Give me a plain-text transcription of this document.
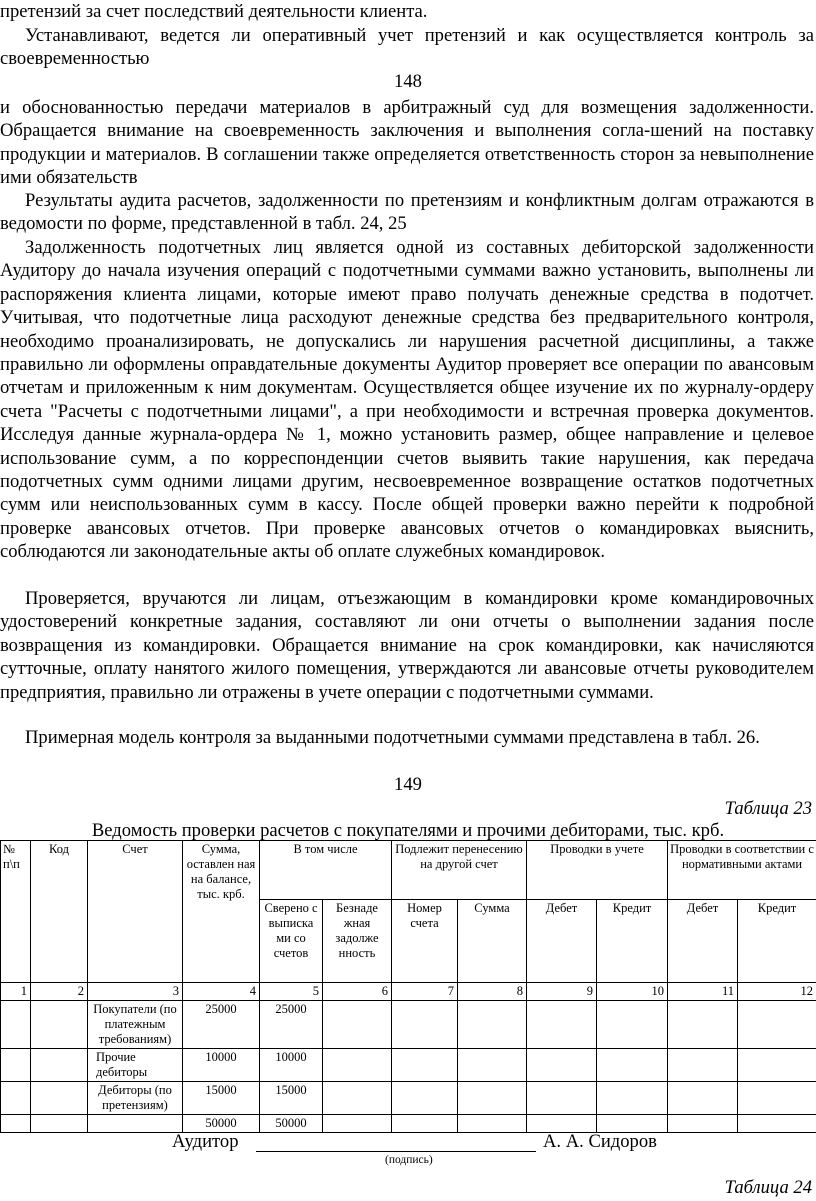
претензий за счет последствий деятельности клиента.

Устанавливают, ведется ли оперативный учет претензий и как осуществляется контроль за своевременностью

148

и обоснованностью передачи материалов в арбитражный суд для возмещения задолженности. Обращается внимание на своевременность заключения и выполнения согла-шений на поставку продукции и материалов. В соглашении также определяется ответственность сторон за невыполнение ими обязательств

Результаты аудита расчетов, задолженности по претензиям и конфликтным долгам отражаются в ведомости по форме, представленной в табл. 24, 25

Задолженность подотчетных лиц является одной из составных дебиторской задолженности Аудитору до начала изучения операций с подотчетными суммами важно установить, выполнены ли распоряжения клиента лицами, которые имеют право получать денежные средства в подотчет. Учитывая, что подотчетные лица расходуют денежные средства без предварительного контроля, необходимо проанализировать, не допускались ли нарушения расчетной дисциплины, а также правильно ли оформлены оправдательные документы Аудитор проверяет все операции по авансовым отчетам и приложенным к ним документам. Осуществляется общее изучение их по журналу-ордеру счета "Расчеты с подотчетными лицами", а при необходимости и встречная проверка документов. Исследуя данные журнала-ордера № 1, можно установить размер, общее направление и целевое использование сумм, а по корреспонденции счетов выявить такие нарушения, как передача подотчетных сумм одними лицами другим, несвоевременное возвращение остатков подотчетных сумм или неиспользованных сумм в кассу. После общей проверки важно перейти к подробной проверке авансовых отчетов. При проверке авансовых отчетов о командировках выяснить, соблюдаются ли законодательные акты об оплате служебных командировок.

Проверяется, вручаются ли лицам, отъезжающим в командировки кроме командировочных удостоверений конкретные задания, составляют ли они отчеты о выполнении задания после возвращения из командировки. Обращается внимание на срок командировки, как начисляются сутточные, оплату нанятого жилого помещения, утверждаются ли авансовые отчеты руководителем предприятия, правильно ли отражены в учете операции с подотчетными суммами.

Примерная модель контроля за выданными подотчетными суммами представлена в табл. 26.

149
Таблица 23
Ведомость проверки расчетов с покупателями и прочими дебиторами, тыс. крб.
№ п\п	Код	Счет	Сумма, оставлен ная на балансе, тыс. крб.	В том числе		Подлежит перенесению на другой счет		Проводки в учете		Проводки в соответствии с нормативными актами	
				Сверено с выписка ми со счетов	Безнаде жная задолже нность	Номер счета	Сумма	Дебет	Кредит	Дебет	Кредит
1	2	3	4	5	6	7	8	9	10	11	12
		Покупатели (по платежным требованиям)	25000	25000							
		Прочие дебиторы	10000	10000							
		Дебиторы (по претензиям)	15000	15000							
			50000	50000							
Аудитор	А. А. Сидоров
(подпись)
Таблица 24
